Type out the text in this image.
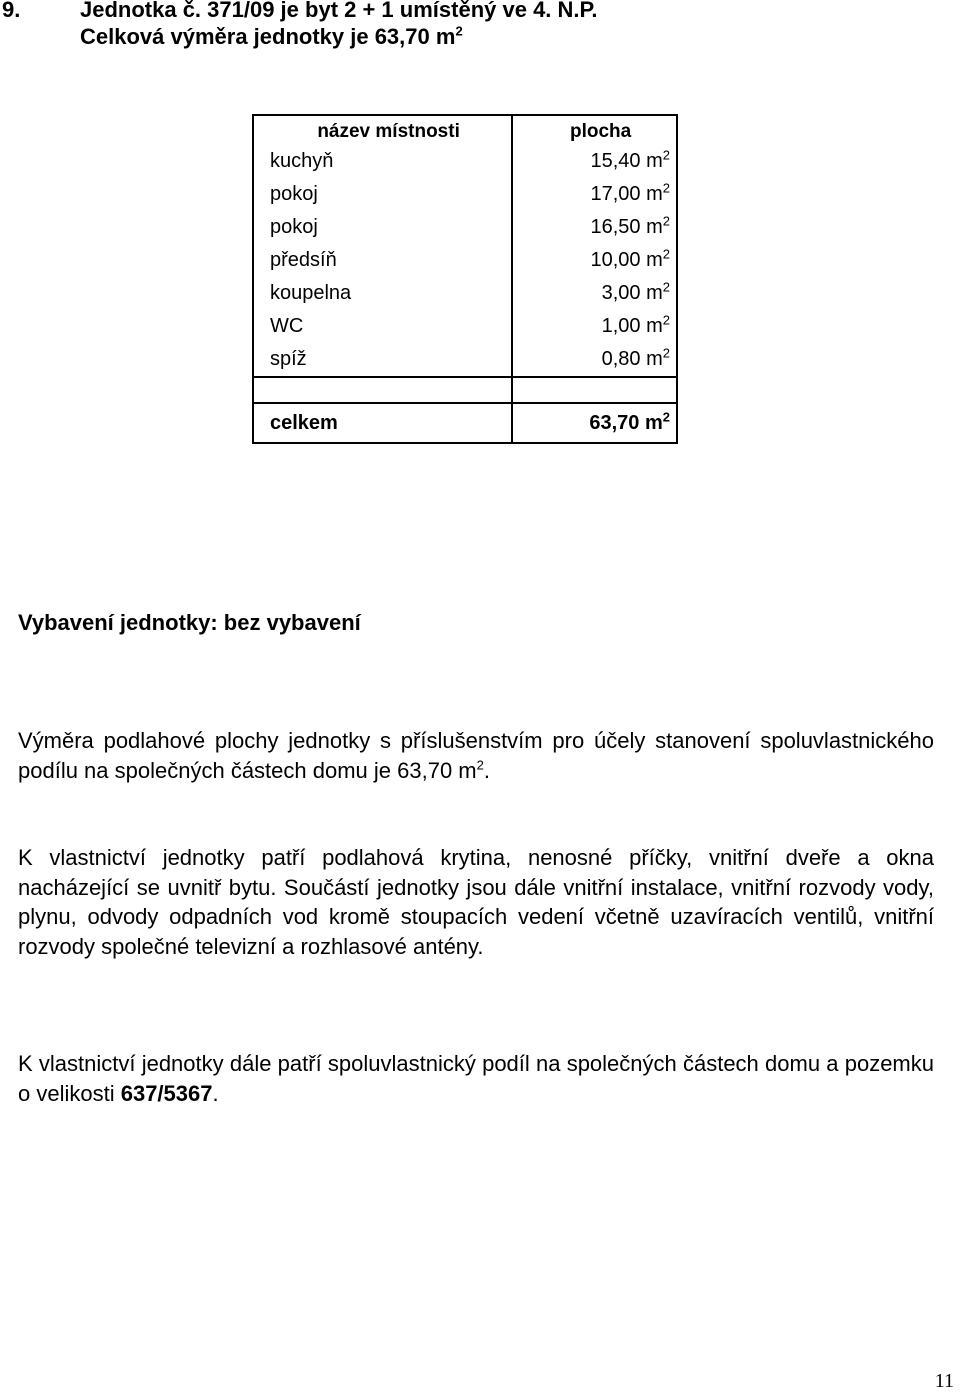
9.	Jednotka č. 371/09 je byt 2 + 1 umístěný ve 4. N.P.
Celková výměra jednotky je 63,70 $m^2$
název místnosti	plocha
kuchyň	15,40 $m^2$
pokoj	17,00 $m^2$
pokoj	16,50 $m^2$
předsíň	10,00 $m^2$
koupelna	3,00 $m^2$
WC	1,00 $m^2$
spíž	0,80 $m^2$

celkem	63,70 $m^2$
Vybavení jednotky: bez vybavení
Výměra podlahové plochy jednotky s příslušenstvím pro účely stanovení spoluvlastnického podílu na společných částech domu je 63,70 $m^2$.
K vlastnictví jednotky patří podlahová krytina, nenosné příčky, vnitřní dveře a okna nacházející se uvnitř bytu. Součástí jednotky jsou dále vnitřní instalace, vnitřní rozvody vody, plynu, odvody odpadních vod kromě stoupacích vedení včetně uzavíracích ventilů, vnitřní rozvody společné televizní a rozhlasové antény.
K vlastnictví jednotky dále patří spoluvlastnický podíl na společných částech domu a pozemku o velikosti 637/5367.
11
